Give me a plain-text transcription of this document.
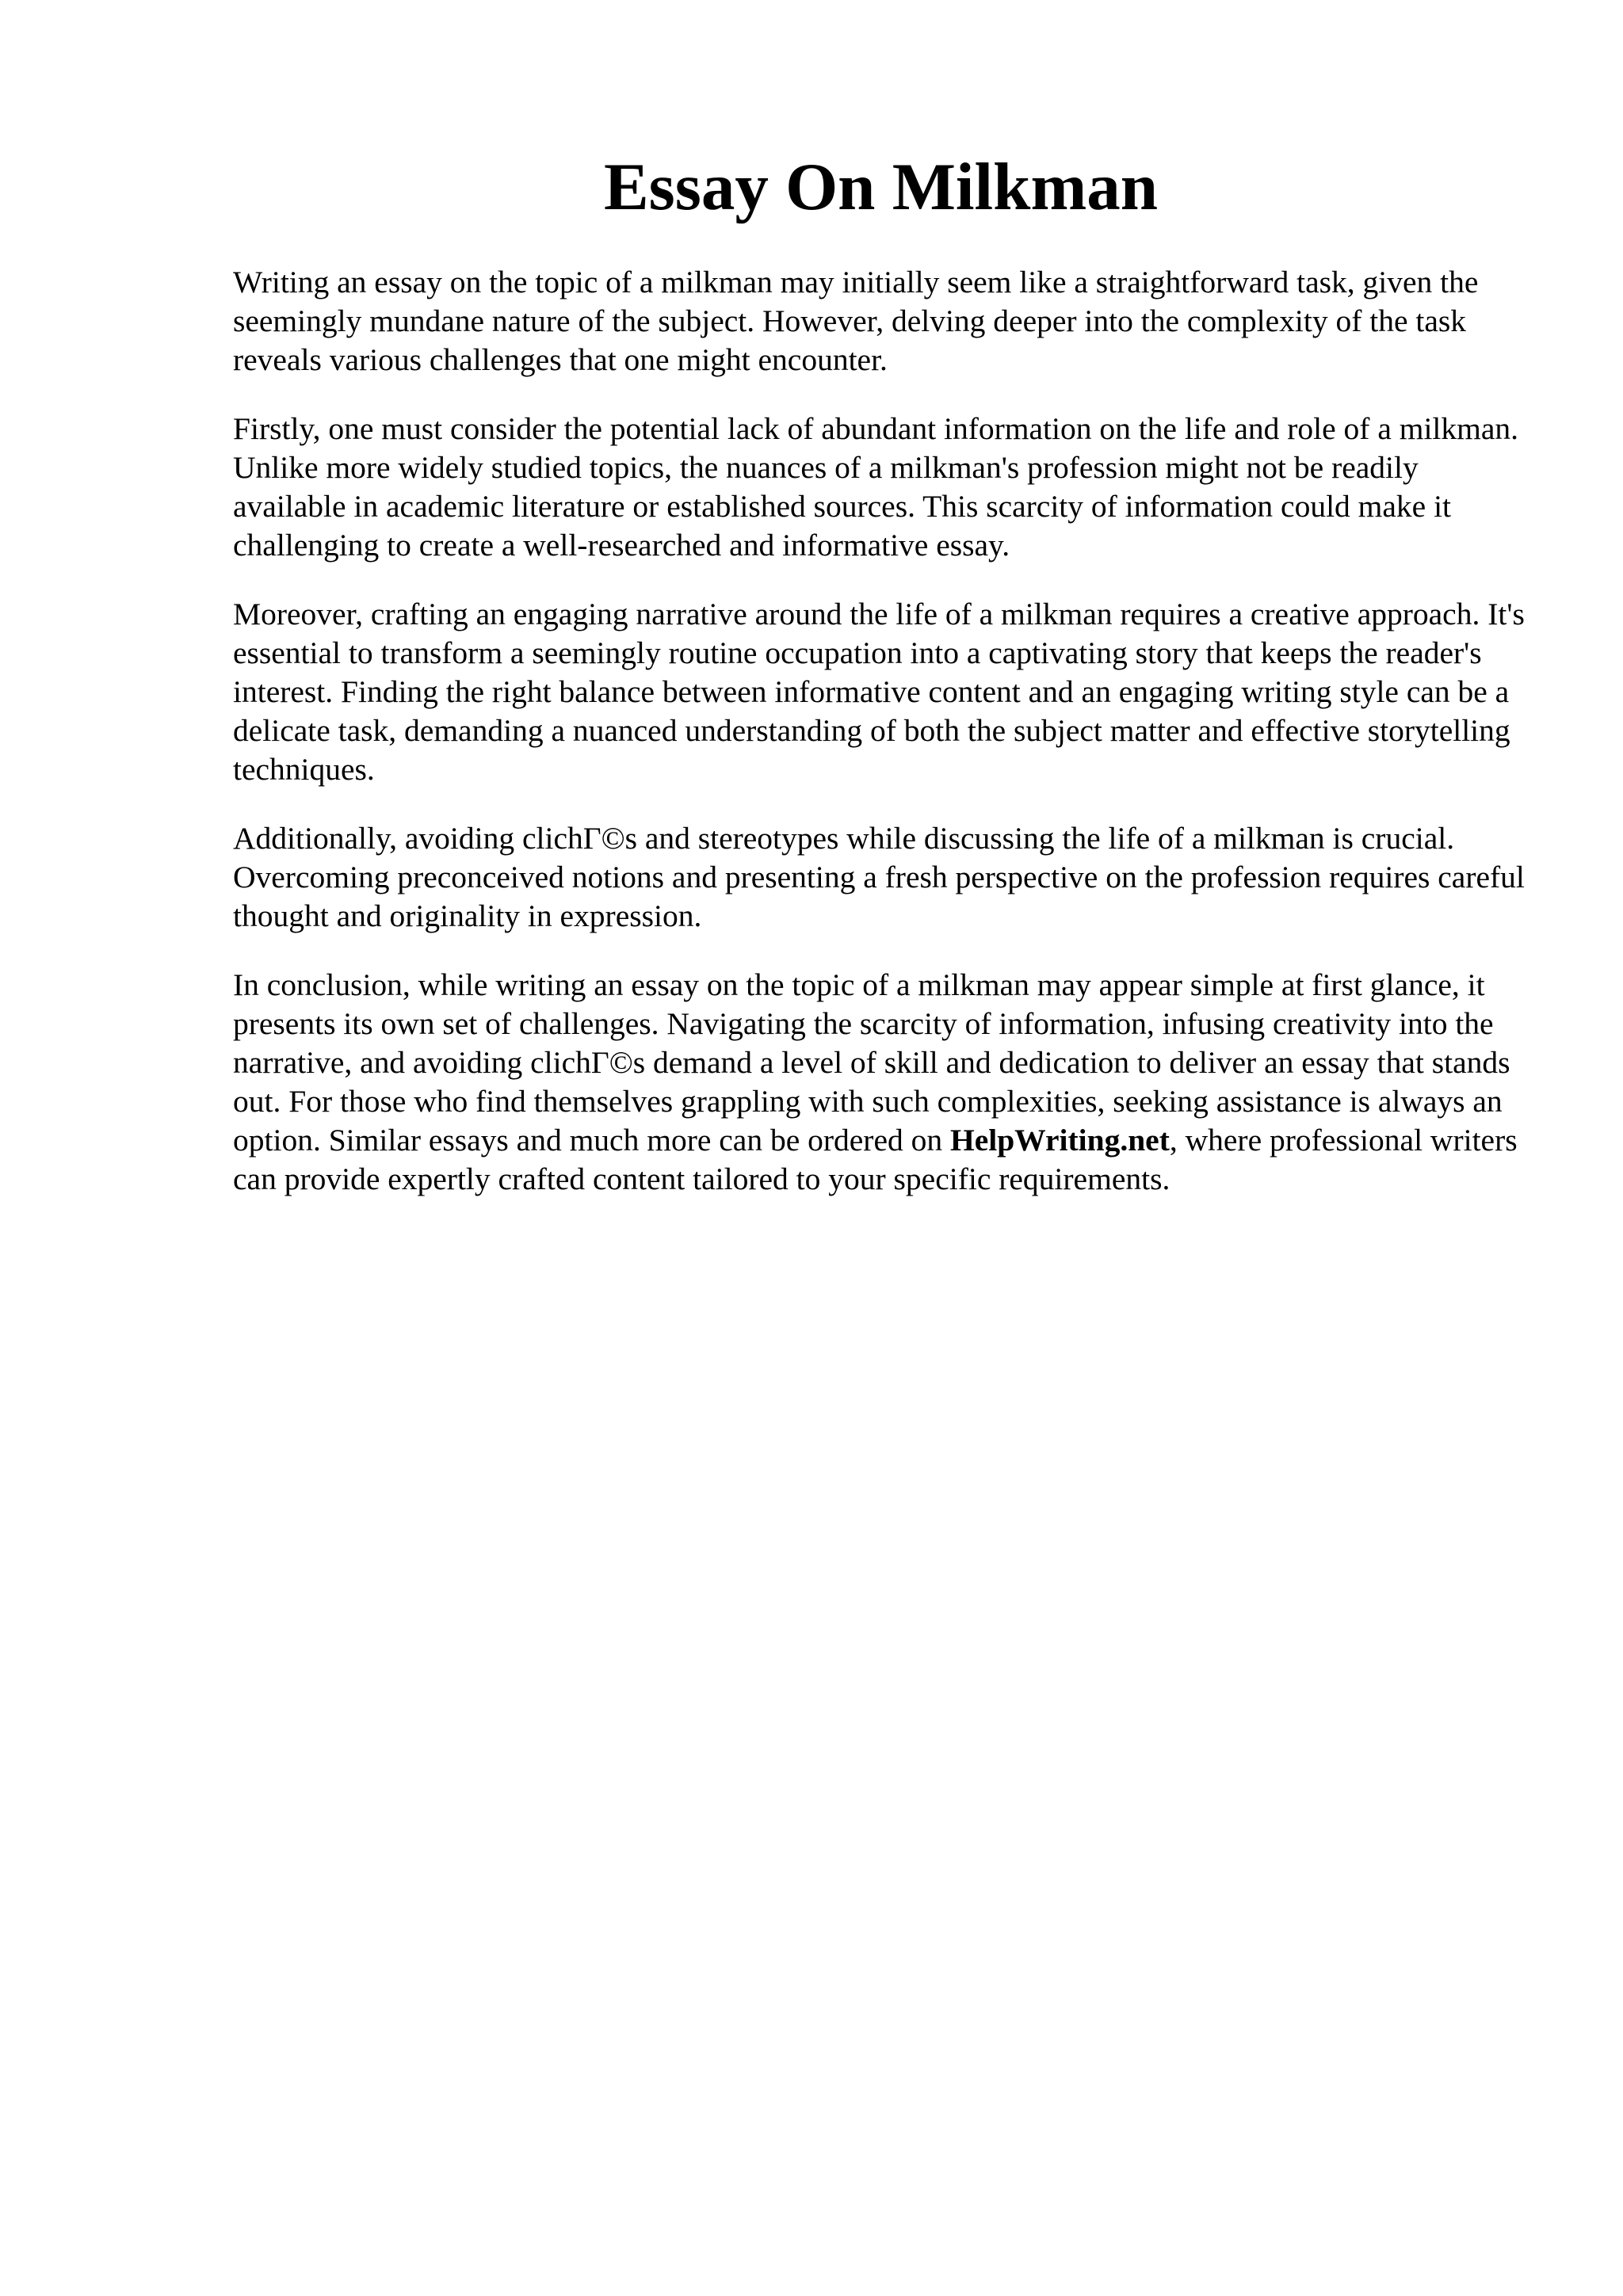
Essay On Milkman

Writing an essay on the topic of a milkman may initially seem like a straightforward task, given the seemingly mundane nature of the subject. However, delving deeper into the complexity of the task reveals various challenges that one might encounter.

Firstly, one must consider the potential lack of abundant information on the life and role of a milkman. Unlike more widely studied topics, the nuances of a milkman's profession might not be readily available in academic literature or established sources. This scarcity of information could make it challenging to create a well-researched and informative essay.

Moreover, crafting an engaging narrative around the life of a milkman requires a creative approach. It's essential to transform a seemingly routine occupation into a captivating story that keeps the reader's interest. Finding the right balance between informative content and an engaging writing style can be a delicate task, demanding a nuanced understanding of both the subject matter and effective storytelling techniques.

Additionally, avoiding clichГ©s and stereotypes while discussing the life of a milkman is crucial. Overcoming preconceived notions and presenting a fresh perspective on the profession requires careful thought and originality in expression.

In conclusion, while writing an essay on the topic of a milkman may appear simple at first glance, it presents its own set of challenges. Navigating the scarcity of information, infusing creativity into the narrative, and avoiding clichГ©s demand a level of skill and dedication to deliver an essay that stands out. For those who find themselves grappling with such complexities, seeking assistance is always an option. Similar essays and much more can be ordered on HelpWriting.net, where professional writers can provide expertly crafted content tailored to your specific requirements.
